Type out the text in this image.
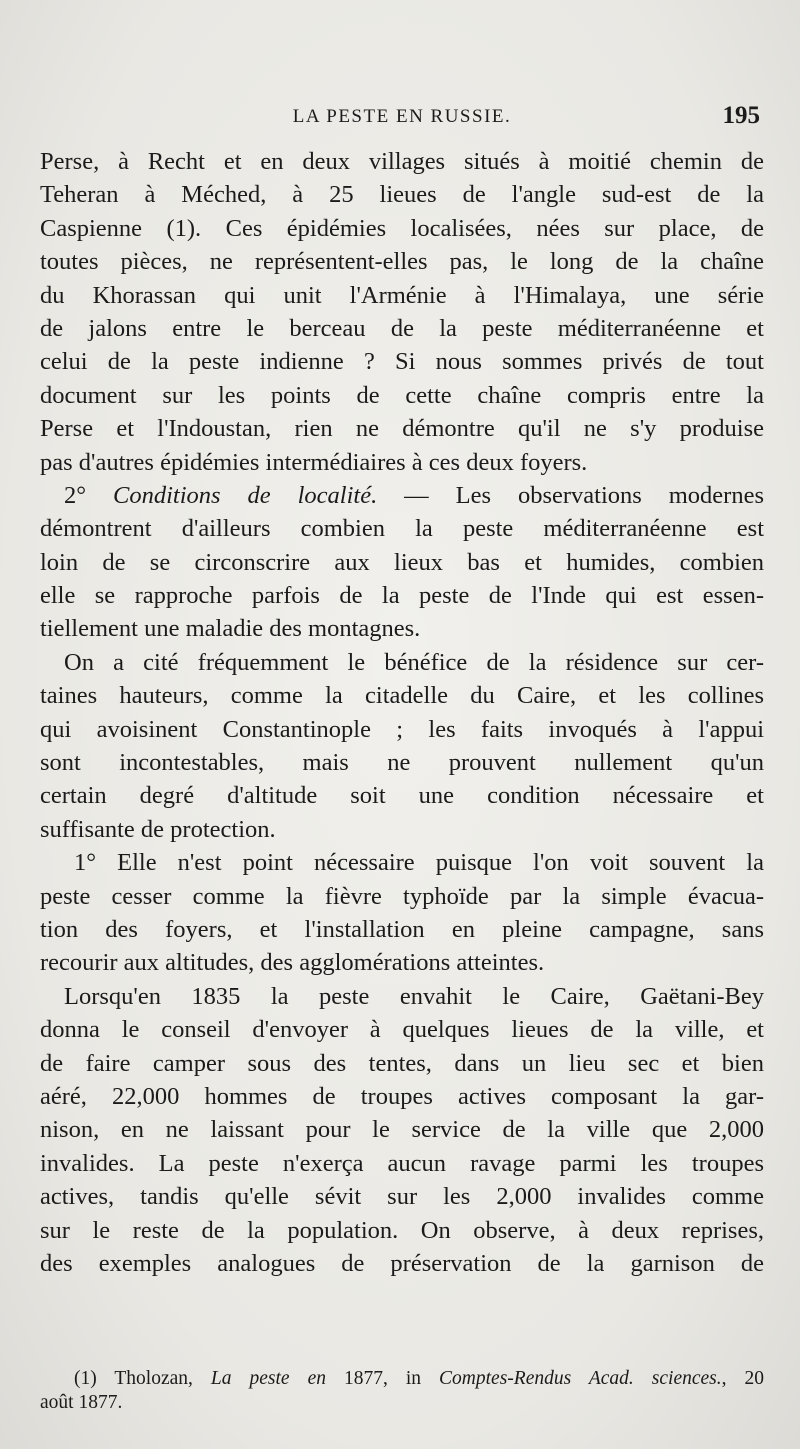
LA PESTE EN RUSSIE.	195
Perse, à Recht et en deux villages situés à moitié chemin de
Teheran à Méched, à 25 lieues de l'angle sud-est de la
Caspienne (1). Ces épidémies localisées, nées sur place, de
toutes pièces, ne représentent-elles pas, le long de la chaîne
du Khorassan qui unit l'Arménie à l'Himalaya, une série
de jalons entre le berceau de la peste méditerranéenne et
celui de la peste indienne ? Si nous sommes privés de tout
document sur les points de cette chaîne compris entre la
Perse et l'Indoustan, rien ne démontre qu'il ne s'y produise
pas d'autres épidémies intermédiaires à ces deux foyers.
2° Conditions de localité. — Les observations modernes
démontrent d'ailleurs combien la peste méditerranéenne est
loin de se circonscrire aux lieux bas et humides, combien
elle se rapproche parfois de la peste de l'Inde qui est essen-
tiellement une maladie des montagnes.
On a cité fréquemment le bénéfice de la résidence sur cer-
taines hauteurs, comme la citadelle du Caire, et les collines
qui avoisinent Constantinople ; les faits invoqués à l'appui
sont incontestables, mais ne prouvent nullement qu'un
certain degré d'altitude soit une condition nécessaire et
suffisante de protection.
1° Elle n'est point nécessaire puisque l'on voit souvent la
peste cesser comme la fièvre typhoïde par la simple évacua-
tion des foyers, et l'installation en pleine campagne, sans
recourir aux altitudes, des agglomérations atteintes.
Lorsqu'en 1835 la peste envahit le Caire, Gaëtani-Bey
donna le conseil d'envoyer à quelques lieues de la ville, et
de faire camper sous des tentes, dans un lieu sec et bien
aéré, 22,000 hommes de troupes actives composant la gar-
nison, en ne laissant pour le service de la ville que 2,000
invalides. La peste n'exerça aucun ravage parmi les troupes
actives, tandis qu'elle sévit sur les 2,000 invalides comme
sur le reste de la population. On observe, à deux reprises,
des exemples analogues de préservation de la garnison de
(1) Tholozan, La peste en 1877, in Comptes-Rendus Acad. sciences., 20
août 1877.
